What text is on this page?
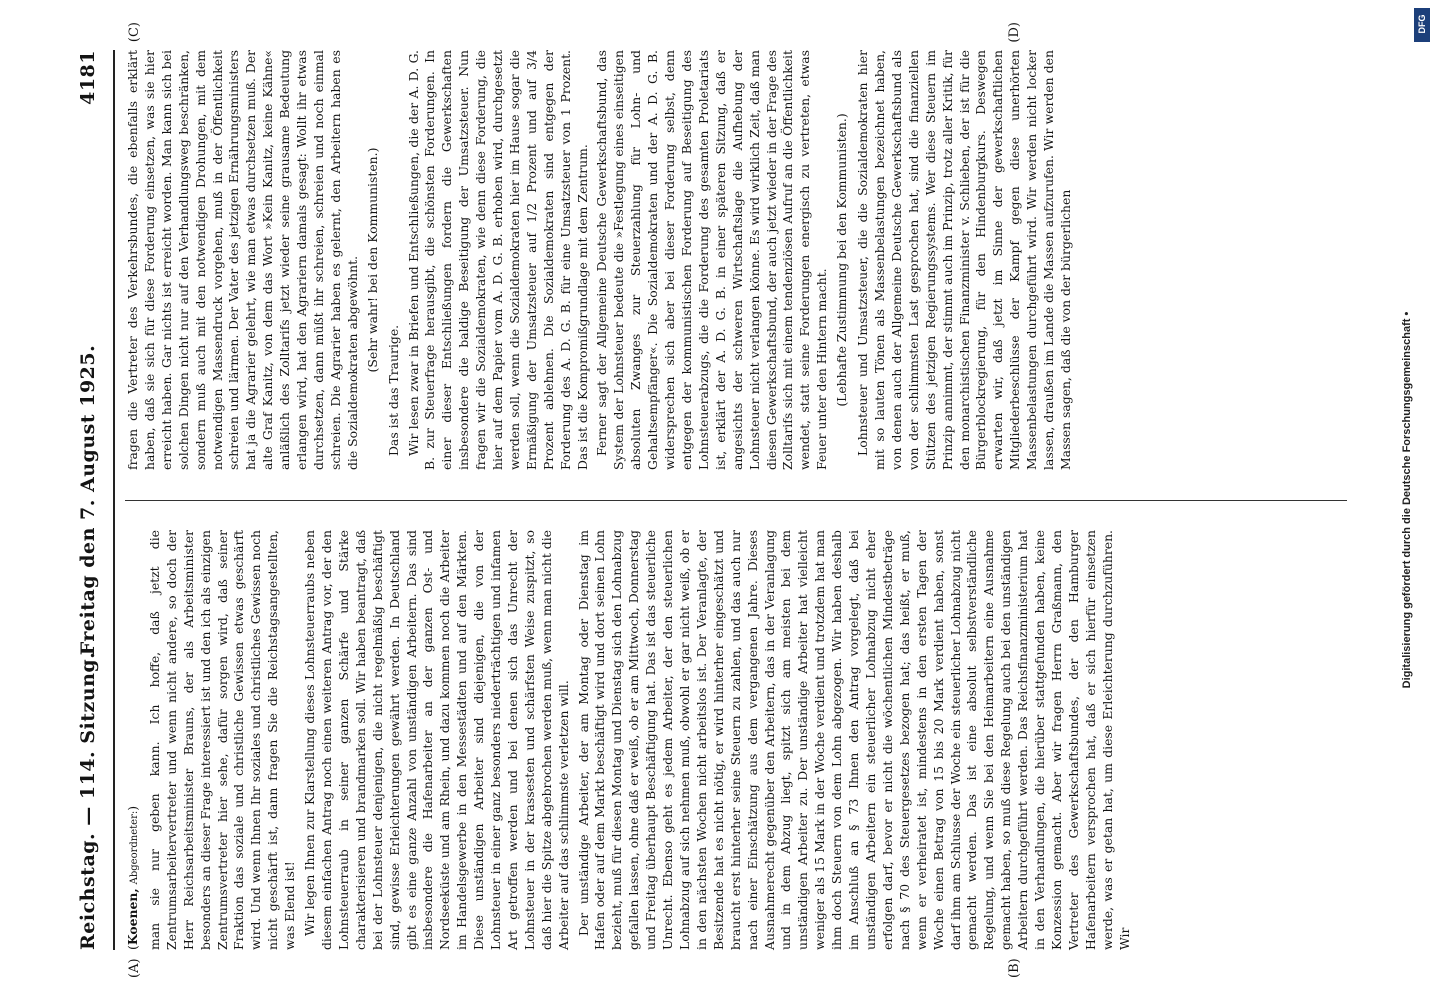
Reichstag. — 114. Sitzung.
Freitag den 7. August 1925.
4181
(A)	(B)
(C)	(D)

(Koenen, Abgeordneter:) man sie nur geben kann. Ich hoffe, daß jetzt die Zentrumsarbeitervertreter und wenn nicht andere, so doch der Herr Reichsarbeitsminister Brauns, der als Arbeitsminister besonders an dieser Frage interessiert ist und den ich als einzigen Zentrumsvertreter hier sehe, dafür sorgen wird, daß seiner Fraktion das soziale und christliche Gewissen etwas geschärft wird. Und wenn Ihnen Ihr soziales und christliches Gewissen noch nicht geschärft ist, dann fragen Sie die Reichstagsangestellten, was Elend ist! Wir legen Ihnen zur Klarstellung dieses Lohnsteuerraubs neben diesem einfachen Antrag noch einen weiteren Antrag vor, der den Lohnsteuerraub in seiner ganzen Schärfe und Stärke charakterisieren und brandmarken soll. Wir haben beantragt, daß bei der Lohnsteuer denjenigen, die nicht regelmäßig beschäftigt sind, gewisse Erleichterungen gewährt werden. In Deutschland gibt es eine ganze Anzahl von unständigen Arbeitern. Das sind insbesondere die Hafenarbeiter an der ganzen Ost- und Nordseeküste und am Rhein, und dazu kommen noch die Arbeiter im Handelsgewerbe in den Messestädten und auf den Märkten. Diese unständigen Arbeiter sind diejenigen, die von der Lohnsteuer in einer ganz besonders niederträchtigen und infamen Art getroffen werden und bei denen sich das Unrecht der Lohnsteuer in der krassesten und schärfsten Weise zuspitzt, so daß hier die Spitze abgebrochen werden muß, wenn man nicht die Arbeiter auf das schlimmste verletzen will. Der unständige Arbeiter, der am Montag oder Dienstag im Hafen oder auf dem Markt beschäftigt wird und dort seinen Lohn bezieht, muß für diesen Montag und Dienstag sich den Lohnabzug gefallen lassen, ohne daß er weiß, ob er am Mittwoch, Donnerstag und Freitag überhaupt Beschäftigung hat. Das ist das steuerliche Unrecht. Ebenso geht es jedem Arbeiter, der den steuerlichen Lohnabzug auf sich nehmen muß, obwohl er gar nicht weiß, ob er in den nächsten Wochen nicht arbeitslos ist. Der Veranlagte, der Besitzende hat es nicht nötig, er wird hinterher eingeschätzt und braucht erst hinterher seine Steuern zu zahlen, und das auch nur nach einer Einschätzung aus dem vergangenen Jahre. Dieses Ausnahmerecht gegenüber den Arbeitern, das in der Veranlagung und in dem Abzug liegt, spitzt sich am meisten bei dem unständigen Arbeiter zu. Der unständige Arbeiter hat vielleicht weniger als 15 Mark in der Woche verdient und trotzdem hat man ihm doch Steuern von dem Lohn abgezogen. Wir haben deshalb im Anschluß an § 73 Ihnen den Antrag vorgelegt, daß bei unständigen Arbeitern ein steuerlicher Lohnabzug nicht eher erfolgen darf, bevor er nicht die wöchentlichen Mindestbeträge nach § 70 des Steuergesetzes bezogen hat; das heißt, er muß, wenn er verheiratet ist, mindestens in den ersten Tagen der Woche einen Betrag von 15 bis 20 Mark verdient haben, sonst darf ihm am Schlusse der Woche ein steuerlicher Lohnabzug nicht gemacht werden. Das ist eine absolut selbstverständliche Regelung, und wenn Sie bei den Heimarbeitern eine Ausnahme gemacht haben, so muß diese Regelung auch bei den unständigen Arbeitern durchgeführt werden. Das Reichsfinanzministerium hat in den Verhandlungen, die hierüber stattgefunden haben, keine Konzession gemacht. Aber wir fragen Herrn Graßmann, den Vertreter des Gewerkschaftsbundes, der den Hamburger Hafenarbeitern versprochen hat, daß er sich hierfür einsetzen werde, was er getan hat, um diese Erleichterung durchzuführen. Wir

fragen die Vertreter des Verkehrsbundes, die ebenfalls erklärt haben, daß sie sich für diese Forderung einsetzen, was sie hier erreicht haben. Gar nichts ist erreicht worden. Man kann sich bei solchen Dingen nicht nur auf den Verhandlungsweg beschränken, sondern muß auch mit den notwendigen Drohungen, mit dem notwendigen Massendruck vorgehen, muß in der Öffentlichkeit schreien und lärmen. Der Vater des jetzigen Ernährungsministers hat ja die Agrarier gelehrt, wie man etwas durchsetzen muß. Der alte Graf Kanitz, von dem das Wort »Kein Kanitz, keine Kähne« anläßlich des Zolltarifs jetzt wieder seine grausame Bedeutung erlangen wird, hat den Agrariern damals gesagt: Wollt ihr etwas durchsetzen, dann müßt ihr schreien, schreien und noch einmal schreien. Die Agrarier haben es gelernt, den Arbeitern haben es die Sozialdemokraten abgewöhnt. (Sehr wahr! bei den Kommunisten.)

Das ist das Traurige. Wir lesen zwar in Briefen und Entschließungen, die der A. D. G. B. zur Steuerfrage herausgibt, die schönsten Forderungen. In einer dieser Entschließungen fordern die Gewerkschaften insbesondere die baldige Beseitigung der Umsatzsteuer. Nun fragen wir die Sozialdemokraten, wie denn diese Forderung, die hier auf dem Papier vom A. D. G. B. erhoben wird, durchgesetzt werden soll, wenn die Sozialdemokraten hier im Hause sogar die Ermäßigung der Umsatzsteuer auf 1/2 Prozent und auf 3/4 Prozent ablehnen. Die Sozialdemokraten sind entgegen der Forderung des A. D. G. B. für eine Umsatzsteuer von 1 Prozent. Das ist die Kompromißgrundlage mit dem Zentrum. Ferner sagt der Allgemeine Deutsche Gewerkschaftsbund, das System der Lohnsteuer bedeute die »Festlegung eines einseitigen absoluten Zwanges zur Steuerzahlung für Lohn- und Gehaltsempfänger«. Die Sozialdemokraten und der A. D. G. B. widersprechen sich aber bei dieser Forderung selbst, denn entgegen der kommunistischen Forderung auf Beseitigung des Lohnsteuerabzugs, die die Forderung des gesamten Proletariats ist, erklärt der A. D. G. B. in einer späteren Sitzung, daß er angesichts der schweren Wirtschaftslage die Aufhebung der Lohnsteuer nicht verlangen könne. Es wird wirklich Zeit, daß man diesen Gewerkschaftsbund, der auch jetzt wieder in der Frage des Zolltarifs sich mit einem tendenziösen Aufruf an die Öffentlichkeit wendet, statt seine Forderungen energisch zu vertreten, etwas Feuer unter den Hintern macht. (Lebhafte Zustimmung bei den Kommunisten.) Lohnsteuer und Umsatzsteuer, die die Sozialdemokraten hier mit so lauten Tönen als Massenbelastungen bezeichnet haben, von denen auch der Allgemeine Deutsche Gewerkschaftsbund als von der schlimmsten Last gesprochen hat, sind die finanziellen Stützen des jetzigen Regierungssystems. Wer diese Steuern im Prinzip annimmt, der stimmt auch im Prinzip, trotz aller Kritik, für den monarchistischen Finanzminister v. Schlieben, der ist für die Bürgerblockregierung, für den Hindenburgkurs. Deswegen erwarten wir, daß jetzt im Sinne der gewerkschaftlichen Mitgliederbeschlüsse der Kampf gegen diese unerhörten Massenbelastungen durchgeführt wird. Wir werden nicht locker lassen, draußen im Lande die Massen aufzurufen. Wir werden den Massen sagen, daß die von der bürgerlichen	Digitalisierung gefördert durch die Deutsche Forschungsgemeinschaft •
DFG
